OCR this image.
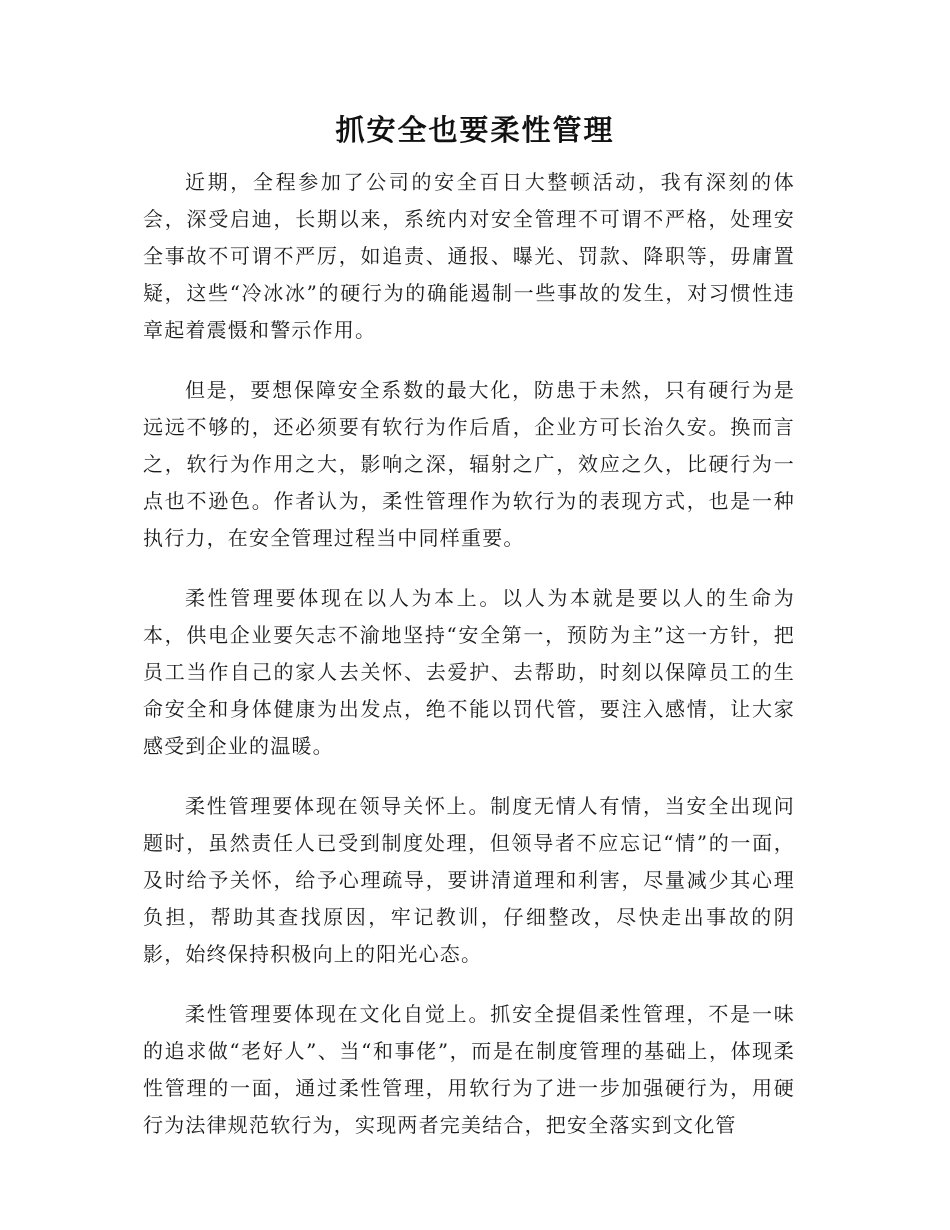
抓安全也要柔性管理

近期，全程参加了公司的安全百日大整顿活动，我有深刻的体会，深受启迪，长期以来，系统内对安全管理不可谓不严格，处理安全事故不可谓不严厉，如追责、通报、曝光、罚款、降职等，毋庸置疑，这些“冷冰冰”的硬行为的确能遏制一些事故的发生，对习惯性违章起着震慑和警示作用。

但是，要想保障安全系数的最大化，防患于未然，只有硬行为是远远不够的，还必须要有软行为作后盾，企业方可长治久安。换而言之，软行为作用之大，影响之深，辐射之广，效应之久，比硬行为一点也不逊色。作者认为，柔性管理作为软行为的表现方式，也是一种执行力，在安全管理过程当中同样重要。

柔性管理要体现在以人为本上。以人为本就是要以人的生命为本，供电企业要矢志不渝地坚持“安全第一，预防为主”这一方针，把员工当作自己的家人去关怀、去爱护、去帮助，时刻以保障员工的生命安全和身体健康为出发点，绝不能以罚代管，要注入感情，让大家感受到企业的温暖。

柔性管理要体现在领导关怀上。制度无情人有情，当安全出现问题时，虽然责任人已受到制度处理，但领导者不应忘记“情”的一面，及时给予关怀，给予心理疏导，要讲清道理和利害，尽量减少其心理负担，帮助其查找原因，牢记教训，仔细整改，尽快走出事故的阴影，始终保持积极向上的阳光心态。

柔性管理要体现在文化自觉上。抓安全提倡柔性管理，不是一味的追求做“老好人”、当“和事佬”，而是在制度管理的基础上，体现柔性管理的一面，通过柔性管理，用软行为了进一步加强硬行为，用硬行为法律规范软行为，实现两者完美结合，把安全落实到文化管
